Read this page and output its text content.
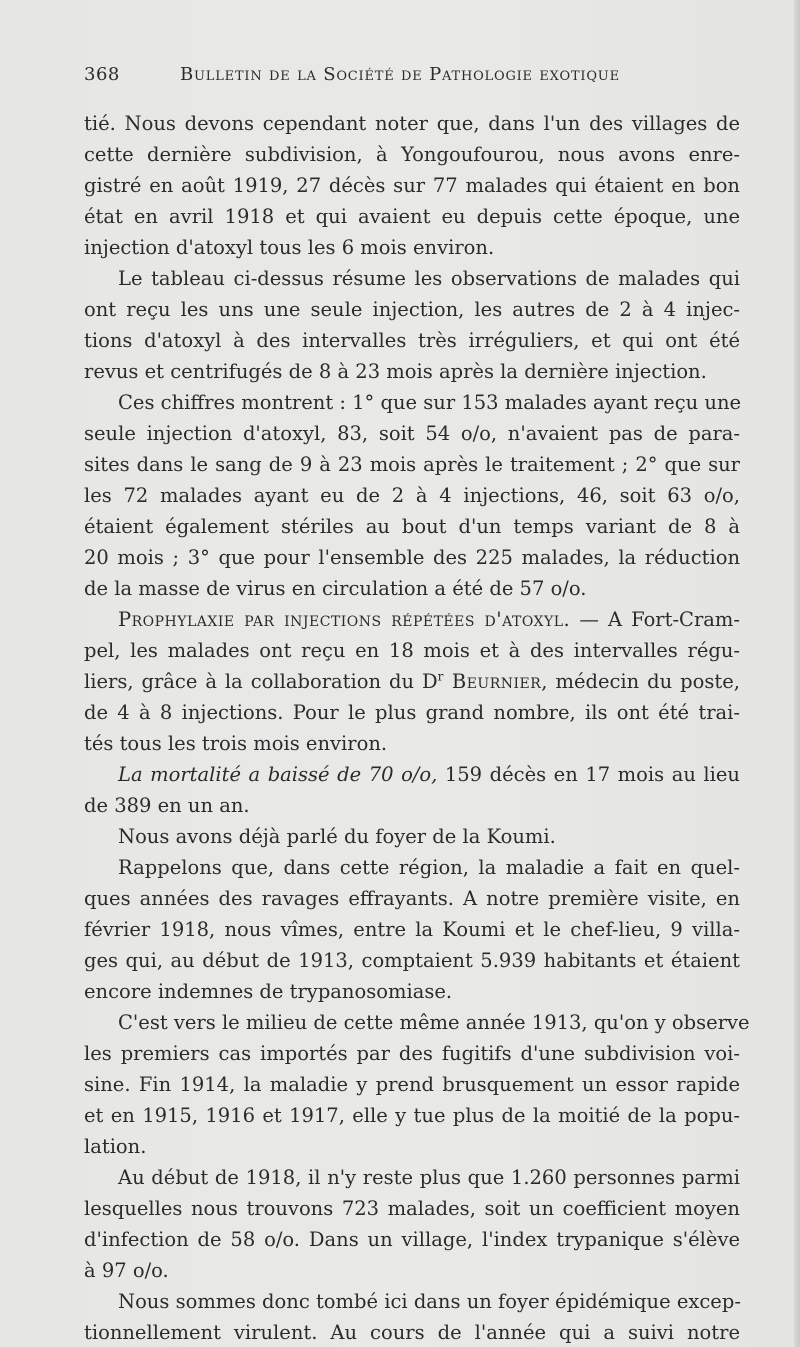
368	Bulletin de la Société de Pathologie exotique
tié. Nous devons cependant noter que, dans l'un des villages de
cette dernière subdivision, à Yongoufourou, nous avons enre-
gistré en août 1919, 27 décès sur 77 malades qui étaient en bon
état en avril 1918 et qui avaient eu depuis cette époque, une
injection d'atoxyl tous les 6 mois environ.
Le tableau ci-dessus résume les observations de malades qui
ont reçu les uns une seule injection, les autres de 2 à 4 injec-
tions d'atoxyl à des intervalles très irréguliers, et qui ont été
revus et centrifugés de 8 à 23 mois après la dernière injection.
Ces chiffres montrent : 1° que sur 153 malades ayant reçu une
seule injection d'atoxyl, 83, soit 54 o/o, n'avaient pas de para-
sites dans le sang de 9 à 23 mois après le traitement ; 2° que sur
les 72 malades ayant eu de 2 à 4 injections, 46, soit 63 o/o,
étaient également stériles au bout d'un temps variant de 8 à
20 mois ; 3° que pour l'ensemble des 225 malades, la réduction
de la masse de virus en circulation a été de 57 o/o.
Prophylaxie par injections répétées d'atoxyl. — A Fort-Cram-
pel, les malades ont reçu en 18 mois et à des intervalles régu-
liers, grâce à la collaboration du $D^r$ Beurnier, médecin du poste,
de 4 à 8 injections. Pour le plus grand nombre, ils ont été trai-
tés tous les trois mois environ.
La mortalité a baissé de 70 o/o, 159 décès en 17 mois au lieu
de 389 en un an.
Nous avons déjà parlé du foyer de la Koumi.
Rappelons que, dans cette région, la maladie a fait en quel-
ques années des ravages effrayants. A notre première visite, en
février 1918, nous vîmes, entre la Koumi et le chef-lieu, 9 villa-
ges qui, au début de 1913, comptaient 5.939 habitants et étaient
encore indemnes de trypanosomiase.
C'est vers le milieu de cette même année 1913, qu'on y observe
les premiers cas importés par des fugitifs d'une subdivision voi-
sine. Fin 1914, la maladie y prend brusquement un essor rapide
et en 1915, 1916 et 1917, elle y tue plus de la moitié de la popu-
lation.
Au début de 1918, il n'y reste plus que 1.260 personnes parmi
lesquelles nous trouvons 723 malades, soit un coefficient moyen
d'infection de 58 o/o. Dans un village, l'index trypanique s'élève
à 97 o/o.
Nous sommes donc tombé ici dans un foyer épidémique excep-
tionnellement virulent. Au cours de l'année qui a suivi notre
